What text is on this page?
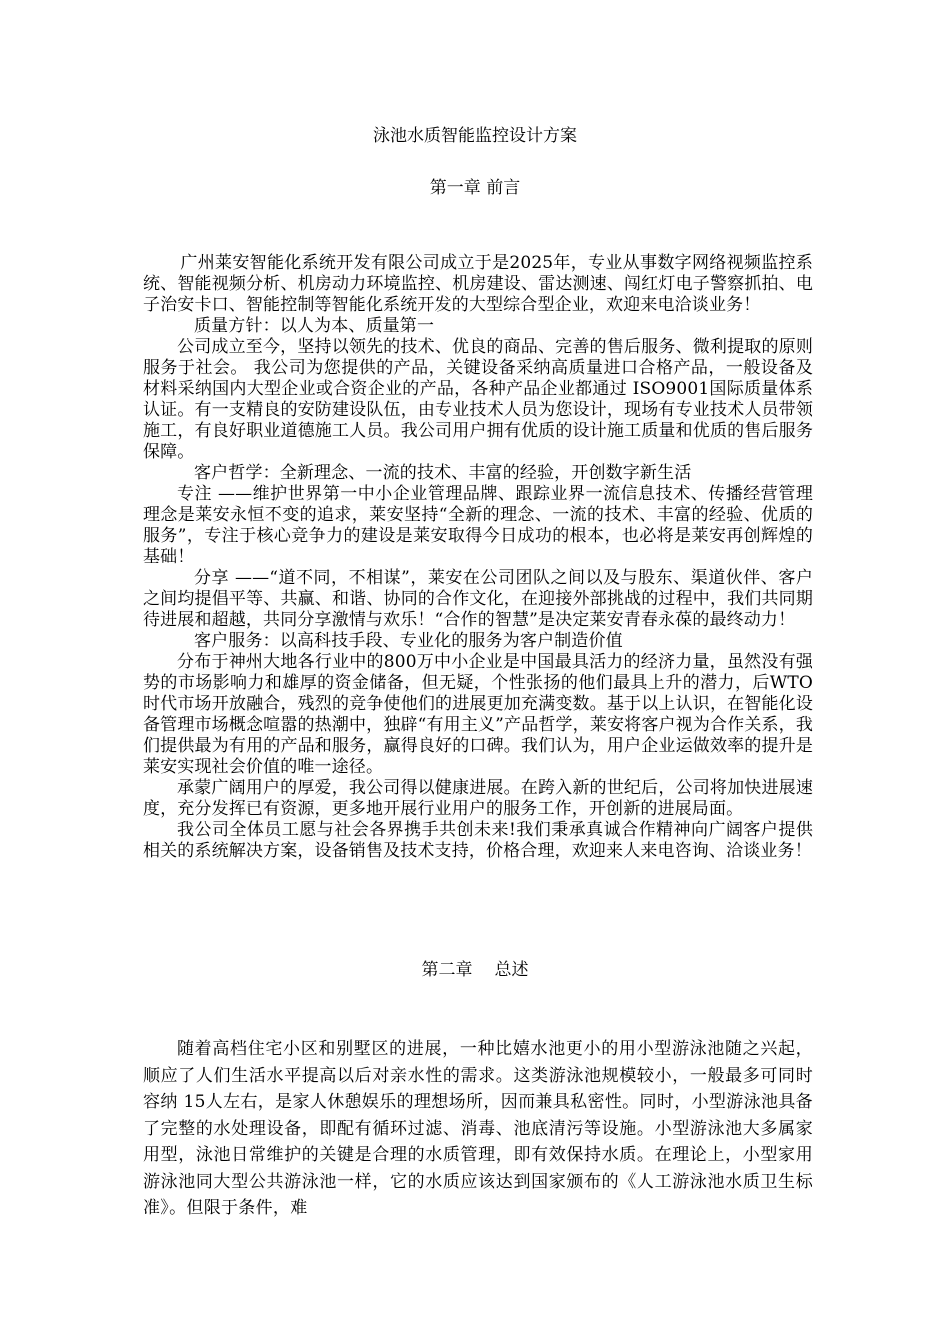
泳池水质智能监控设计方案
第一章 前言

广州莱安智能化系统开发有限公司成立于是2025年，专业从事数字网络视频监控系统、智能视频分析、机房动力环境监控、机房建设、雷达测速、闯红灯电子警察抓拍、电子治安卡口、智能控制等智能化系统开发的大型综合型企业，欢迎来电洽谈业务！

质量方针：以人为本、质量第一

公司成立至今，坚持以领先的技术、优良的商品、完善的售后服务、微利提取的原则服务于社会。 我公司为您提供的产品，关键设备采纳高质量进口合格产品，一般设备及材料采纳国内大型企业或合资企业的产品，各种产品企业都通过 ISO9001国际质量体系认证。有一支精良的安防建设队伍，由专业技术人员为您设计，现场有专业技术人员带领施工，有良好职业道德施工人员。我公司用户拥有优质的设计施工质量和优质的售后服务保障。

客户哲学：全新理念、一流的技术、丰富的经验，开创数字新生活

专注 ——维护世界第一中小企业管理品牌、跟踪业界一流信息技术、传播经营管理理念是莱安永恒不变的追求，莱安坚持“全新的理念、一流的技术、丰富的经验、优质的服务”，专注于核心竞争力的建设是莱安取得今日成功的根本，也必将是莱安再创辉煌的基础！

分享 ——“道不同，不相谋”，莱安在公司团队之间以及与股东、渠道伙伴、客户之间均提倡平等、共赢、和谐、协同的合作文化，在迎接外部挑战的过程中，我们共同期待进展和超越，共同分享激情与欢乐！“合作的智慧”是决定莱安青春永葆的最终动力！

客户服务：以高科技手段、专业化的服务为客户制造价值

分布于神州大地各行业中的800万中小企业是中国最具活力的经济力量，虽然没有强势的市场影响力和雄厚的资金储备，但无疑，个性张扬的他们最具上升的潜力，后WTO时代市场开放融合，残烈的竞争使他们的进展更加充满变数。基于以上认识，在智能化设备管理市场概念喧嚣的热潮中，独辟“有用主义”产品哲学，莱安将客户视为合作关系，我们提供最为有用的产品和服务，赢得良好的口碑。我们认为，用户企业运做效率的提升是莱安实现社会价值的唯一途径。

承蒙广阔用户的厚爱，我公司得以健康进展。在跨入新的世纪后，公司将加快进展速度，充分发挥已有资源，更多地开展行业用户的服务工作，开创新的进展局面。

我公司全体员工愿与社会各界携手共创未来!我们秉承真诚合作精神向广阔客户提供相关的系统解决方案，设备销售及技术支持，价格合理，欢迎来人来电咨询、洽谈业务！

第二章 总述

随着高档住宅小区和别墅区的进展，一种比嬉水池更小的用小型游泳池随之兴起，顺应了人们生活水平提高以后对亲水性的需求。这类游泳池规模较小，一般最多可同时容纳 15人左右，是家人休憩娱乐的理想场所，因而兼具私密性。同时，小型游泳池具备了完整的水处理设备，即配有循环过滤、消毒、池底清污等设施。小型游泳池大多属家用型，泳池日常维护的关键是合理的水质管理，即有效保持水质。在理论上，小型家用游泳池同大型公共游泳池一样，它的水质应该达到国家颁布的《人工游泳池水质卫生标准》。但限于条件，难
